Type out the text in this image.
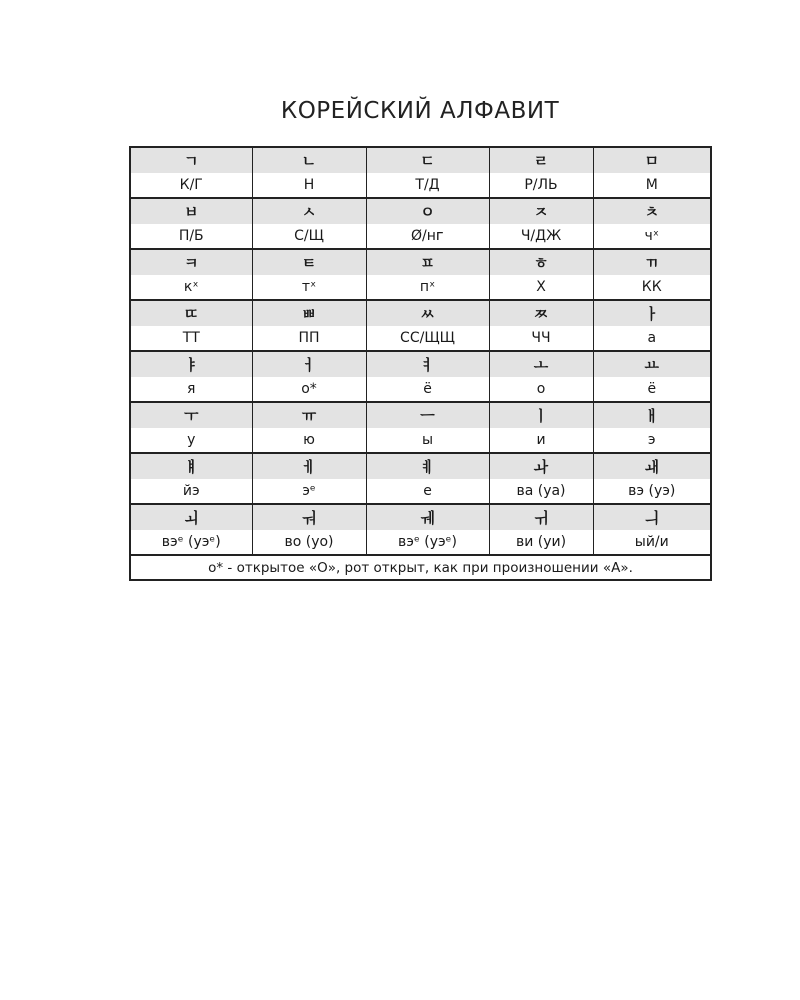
КОРЕЙСКИЙ АЛФАВИТ
ㄱ	ㄴ	ㄷ	ㄹ	ㅁ
К/Г	Н	Т/Д	Р/ЛЬ	М
ㅂ	ㅅ	ㅇ	ㅈ	ㅊ
П/Б	С/Щ	Ø/нᴦ	Ч/ДЖ	чˣ
ㅋ	ㅌ	ㅍ	ㅎ	ㄲ
кˣ	тˣ	пˣ	Х	КК
ㄸ	ㅃ	ㅆ	ㅉ	ㅏ
ТТ	ПП	СС/ЩЩ	ЧЧ	а
ㅑ	ㅓ	ㅕ	ㅗ	ㅛ
я	о*	ё	о	ё
ㅜ	ㅠ	ㅡ	ㅣ	ㅐ
у	ю	ы	и	э
ㅒ	ㅔ	ㅖ	ㅘ	ㅙ
йэ	эᵉ	е	ва (уа)	вэ (уэ)
ㅚ	ㅝ	ㅞ	ㅟ	ㅢ
вэᵉ (уэᵉ)	во (уо)	вэᵉ (уэᵉ)	ви (уи)	ый/и
о* - открытое «О», рот открыт, как при произношении «А».				
